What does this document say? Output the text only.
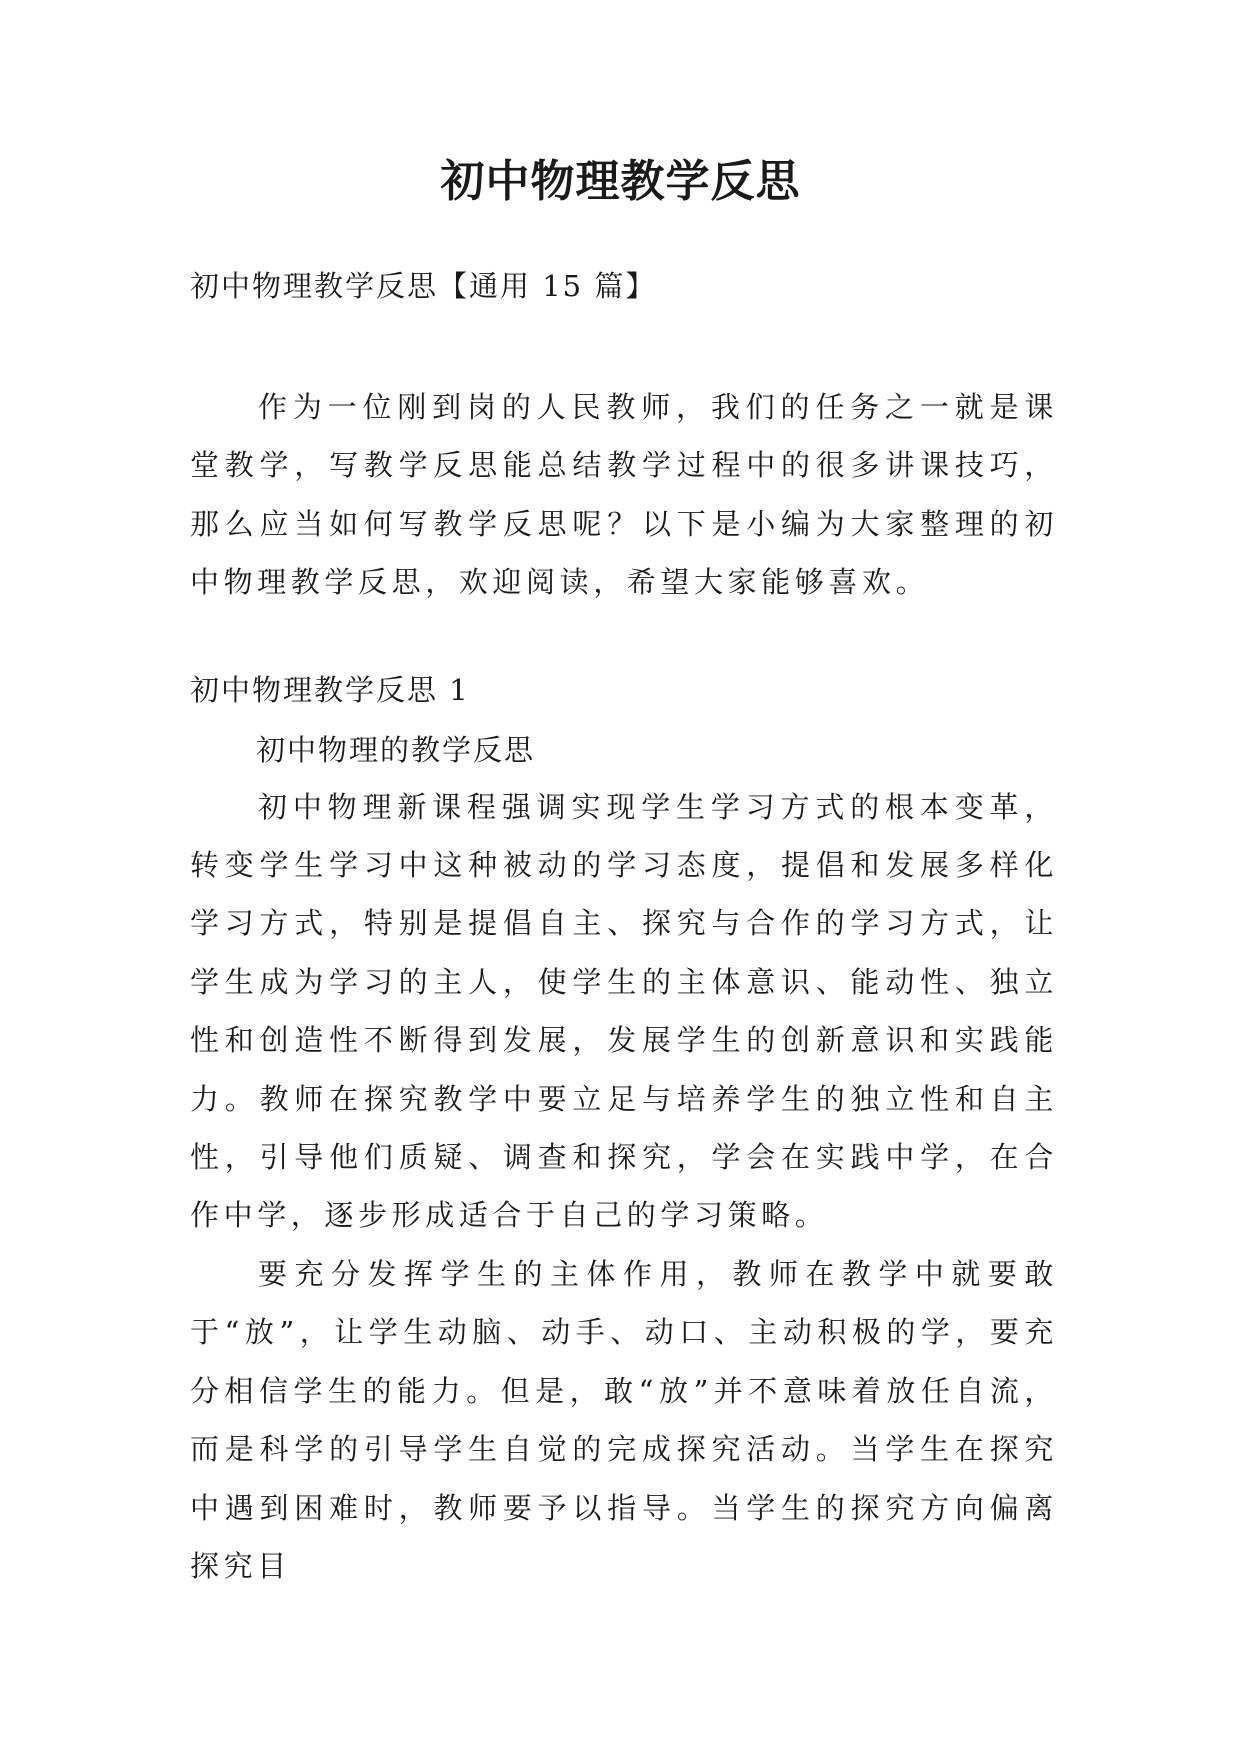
初中物理教学反思

初中物理教学反思【通用 15 篇】

作为一位刚到岗的人民教师，我们的任务之一就是课堂教学，写教学反思能总结教学过程中的很多讲课技巧，那么应当如何写教学反思呢？以下是小编为大家整理的初中物理教学反思，欢迎阅读，希望大家能够喜欢。

初中物理教学反思 1

初中物理的教学反思

初中物理新课程强调实现学生学习方式的根本变革，转变学生学习中这种被动的学习态度，提倡和发展多样化学习方式，特别是提倡自主、探究与合作的学习方式，让学生成为学习的主人，使学生的主体意识、能动性、独立性和创造性不断得到发展，发展学生的创新意识和实践能力。教师在探究教学中要立足与培养学生的独立性和自主性，引导他们质疑、调查和探究，学会在实践中学，在合作中学，逐步形成适合于自己的学习策略。

要充分发挥学生的主体作用，教师在教学中就要敢于“放”，让学生动脑、动手、动口、主动积极的学，要充分相信学生的能力。但是，敢“放”并不意味着放任自流，而是科学的引导学生自觉的完成探究活动。当学生在探究中遇到困难时，教师要予以指导。当学生的探究方向偏离探究目
